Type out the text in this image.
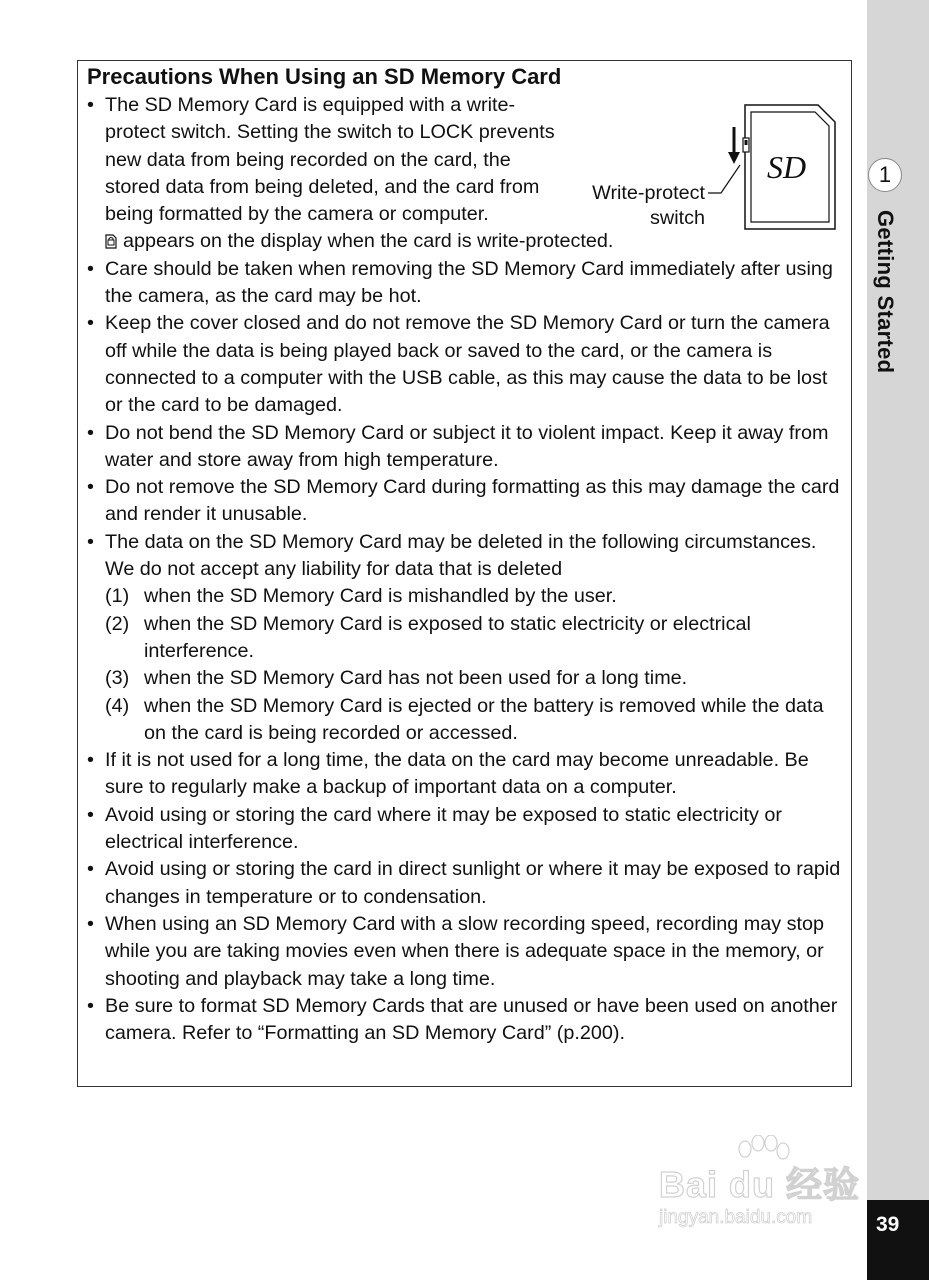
1
Getting Started
39
Precautions When Using an SD Memory Card
SD
Write-protect
switch
• The SD Memory Card is equipped with a write-protect switch. Setting the switch to LOCK prevents new data from being recorded on the card, the stored data from being deleted, and the card from being formatted by the camera or computer.
appears on the display when the card is write-protected.
• Care should be taken when removing the SD Memory Card immediately after using the camera, as the card may be hot.
• Keep the cover closed and do not remove the SD Memory Card or turn the camera off while the data is being played back or saved to the card, or the camera is connected to a computer with the USB cable, as this may cause the data to be lost or the card to be damaged.
• Do not bend the SD Memory Card or subject it to violent impact. Keep it away from water and store away from high temperature.
• Do not remove the SD Memory Card during formatting as this may damage the card and render it unusable.
• The data on the SD Memory Card may be deleted in the following circumstances. We do not accept any liability for data that is deleted
(1) when the SD Memory Card is mishandled by the user.
(2) when the SD Memory Card is exposed to static electricity or electrical interference.
(3) when the SD Memory Card has not been used for a long time.
(4) when the SD Memory Card is ejected or the battery is removed while the data on the card is being recorded or accessed.
• If it is not used for a long time, the data on the card may become unreadable. Be sure to regularly make a backup of important data on a computer.
• Avoid using or storing the card where it may be exposed to static electricity or electrical interference.
• Avoid using or storing the card in direct sunlight or where it may be exposed to rapid changes in temperature or to condensation.
• When using an SD Memory Card with a slow recording speed, recording may stop while you are taking movies even when there is adequate space in the memory, or shooting and playback may take a long time.
• Be sure to format SD Memory Cards that are unused or have been used on another camera. Refer to “Formatting an SD Memory Card” (p.200).
Bai du 经验
jingyan.baidu.com
